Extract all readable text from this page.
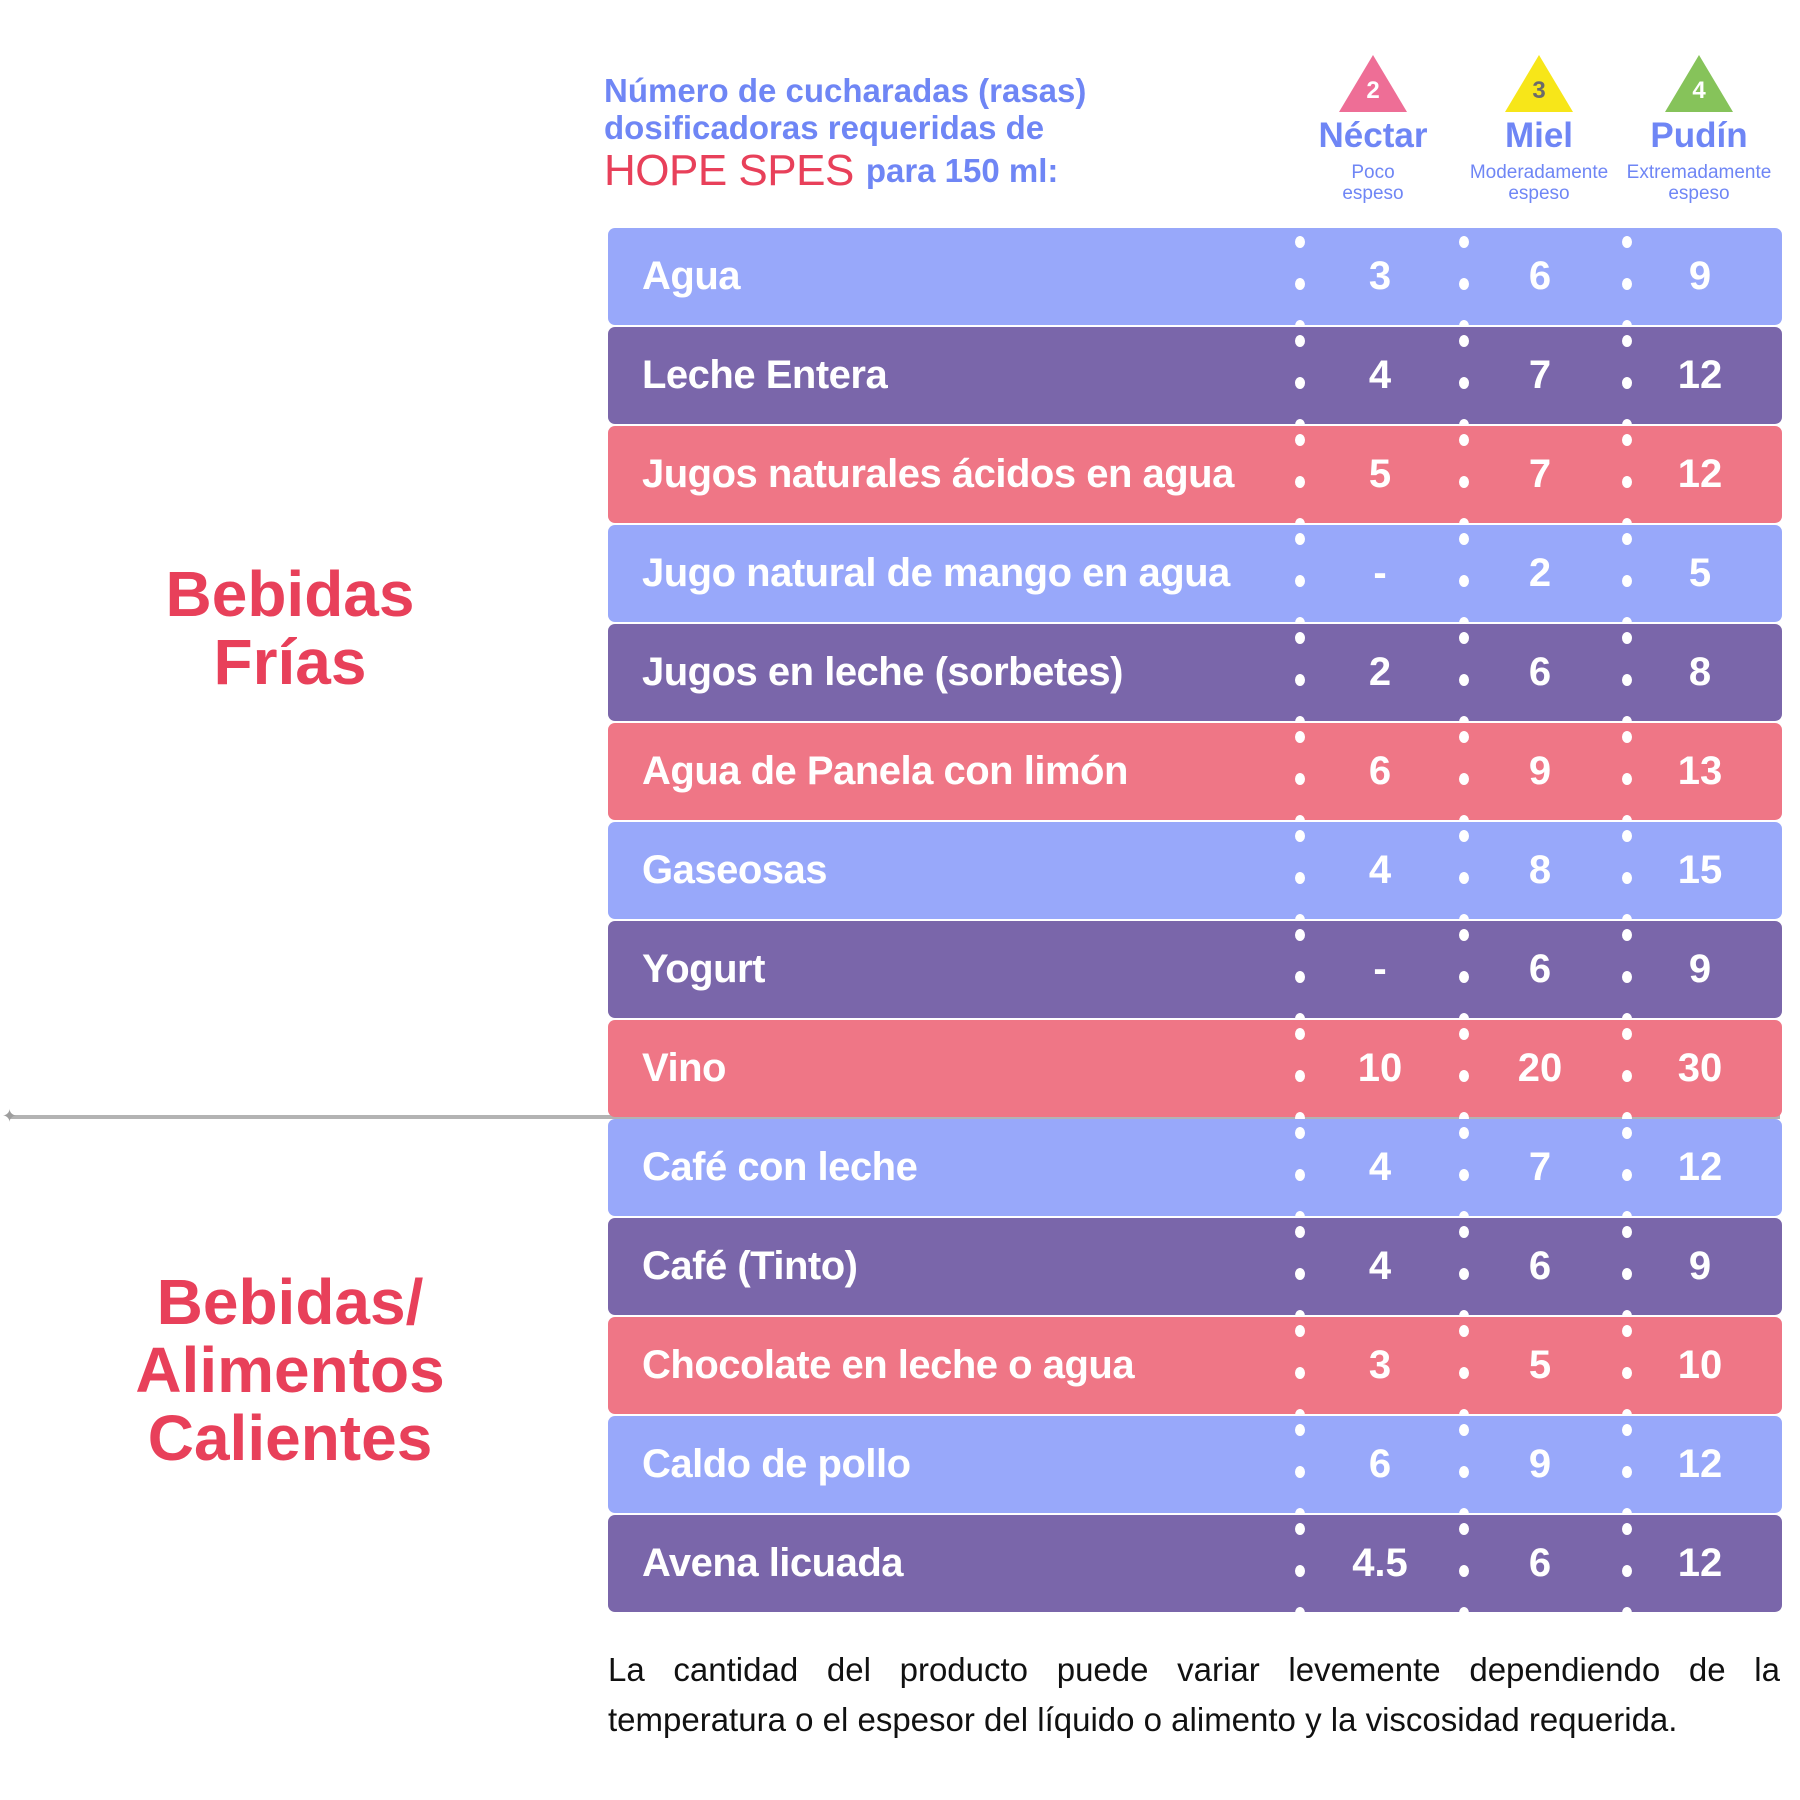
Número de cucharadas (rasas)
dosificadoras requeridas de
HOPE SPES para 150 ml:
2
Néctar
Poco
espeso
3
Miel
Moderadamente
espeso
4
Pudín
Extremadamente
espeso
Bebidas
Frías
Bebidas/
Alimentos
Calientes
✦
Agua	3	6	9
Leche Entera	4	7	12
Jugos naturales ácidos en agua	5	7	12
Jugo natural de mango en agua	-	2	5
Jugos en leche (sorbetes)	2	6	8
Agua de Panela con limón	6	9	13
Gaseosas	4	8	15
Yogurt	-	6	9
Vino	10	20	30
Café con leche	4	7	12
Café (Tinto)	4	6	9
Chocolate en leche o agua	3	5	10
Caldo de pollo	6	9	12
Avena licuada	4.5	6	12
La cantidad del producto puede variar levemente dependiendo de la temperatura o el espesor del líquido o alimento y la viscosidad requerida.
